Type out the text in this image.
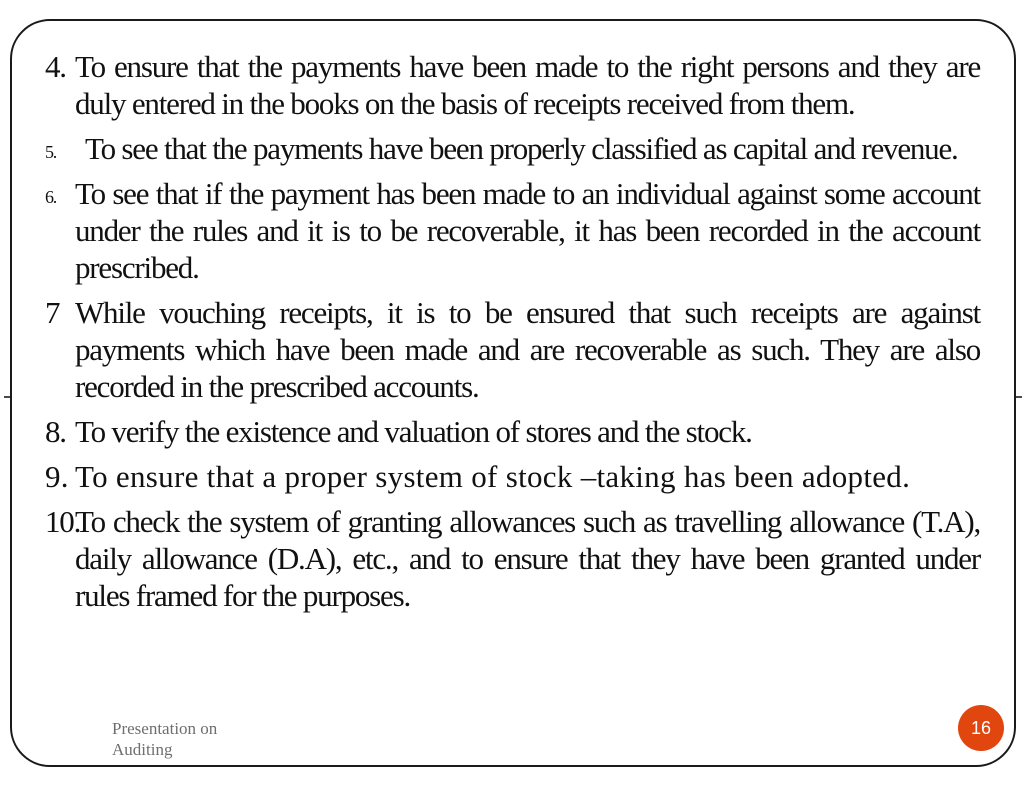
4. To ensure that the payments have been made to the right persons and they are duly entered in the books on the basis of receipts received from them.
5. To see that the payments have been properly classified as capital and revenue.
6. To see that if the payment has been made to an individual against some account under the rules and it is to be recoverable, it has been recorded in the account prescribed.
7 While vouching receipts, it is to be ensured that such receipts are against payments which have been made and are recoverable as such. They are also recorded in the prescribed accounts.
8. To verify the existence and valuation of stores and the stock.
9. To ensure that a proper system of stock –taking has been adopted.
10.
To check the system of granting allowances such as travelling allowance (T.A), daily allowance (D.A), etc., and to ensure that they have been granted under rules framed for the purposes.
Presentation on Auditing
16
